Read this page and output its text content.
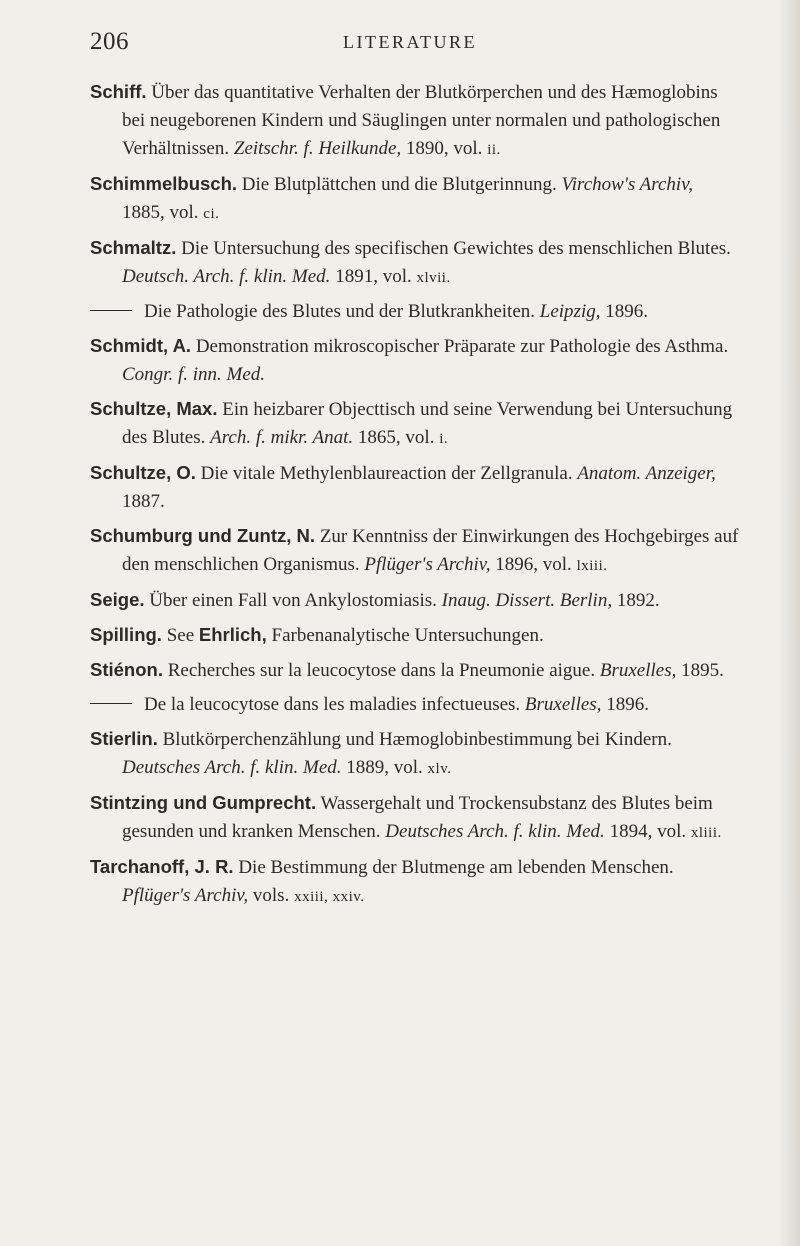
206	LITERATURE

Schiff. Über das quantitative Verhalten der Blutkörperchen und des Hæmoglobins bei neugeborenen Kindern und Säuglingen unter normalen und pathologischen Verhältnissen. Zeitschr. f. Heilkunde, 1890, vol. ii.

Schimmelbusch. Die Blutplättchen und die Blutgerinnung. Virchow's Archiv, 1885, vol. ci.

Schmaltz. Die Untersuchung des specifischen Gewichtes des menschlichen Blutes. Deutsch. Arch. f. klin. Med. 1891, vol. xlvii.

Die Pathologie des Blutes und der Blutkrankheiten. Leipzig, 1896.

Schmidt, A. Demonstration mikroscopischer Präparate zur Pathologie des Asthma. Congr. f. inn. Med.

Schultze, Max. Ein heizbarer Objecttisch und seine Verwendung bei Untersuchung des Blutes. Arch. f. mikr. Anat. 1865, vol. i.

Schultze, O. Die vitale Methylenblaureaction der Zellgranula. Anatom. Anzeiger, 1887.

Schumburg und Zuntz, N. Zur Kenntniss der Einwirkungen des Hochgebirges auf den menschlichen Organismus. Pflüger's Archiv, 1896, vol. lxiii.

Seige. Über einen Fall von Ankylostomiasis. Inaug. Dissert. Berlin, 1892.

Spilling. See Ehrlich, Farbenanalytische Untersuchungen.

Stiénon. Recherches sur la leucocytose dans la Pneumonie aigue. Bruxelles, 1895.

De la leucocytose dans les maladies infectueuses. Bruxelles, 1896.

Stierlin. Blutkörperchenzählung und Hæmoglobinbestimmung bei Kindern. Deutsches Arch. f. klin. Med. 1889, vol. xlv.

Stintzing und Gumprecht. Wassergehalt und Trockensubstanz des Blutes beim gesunden und kranken Menschen. Deutsches Arch. f. klin. Med. 1894, vol. xliii.

Tarchanoff, J. R. Die Bestimmung der Blutmenge am lebenden Menschen. Pflüger's Archiv, vols. xxiii, xxiv.
